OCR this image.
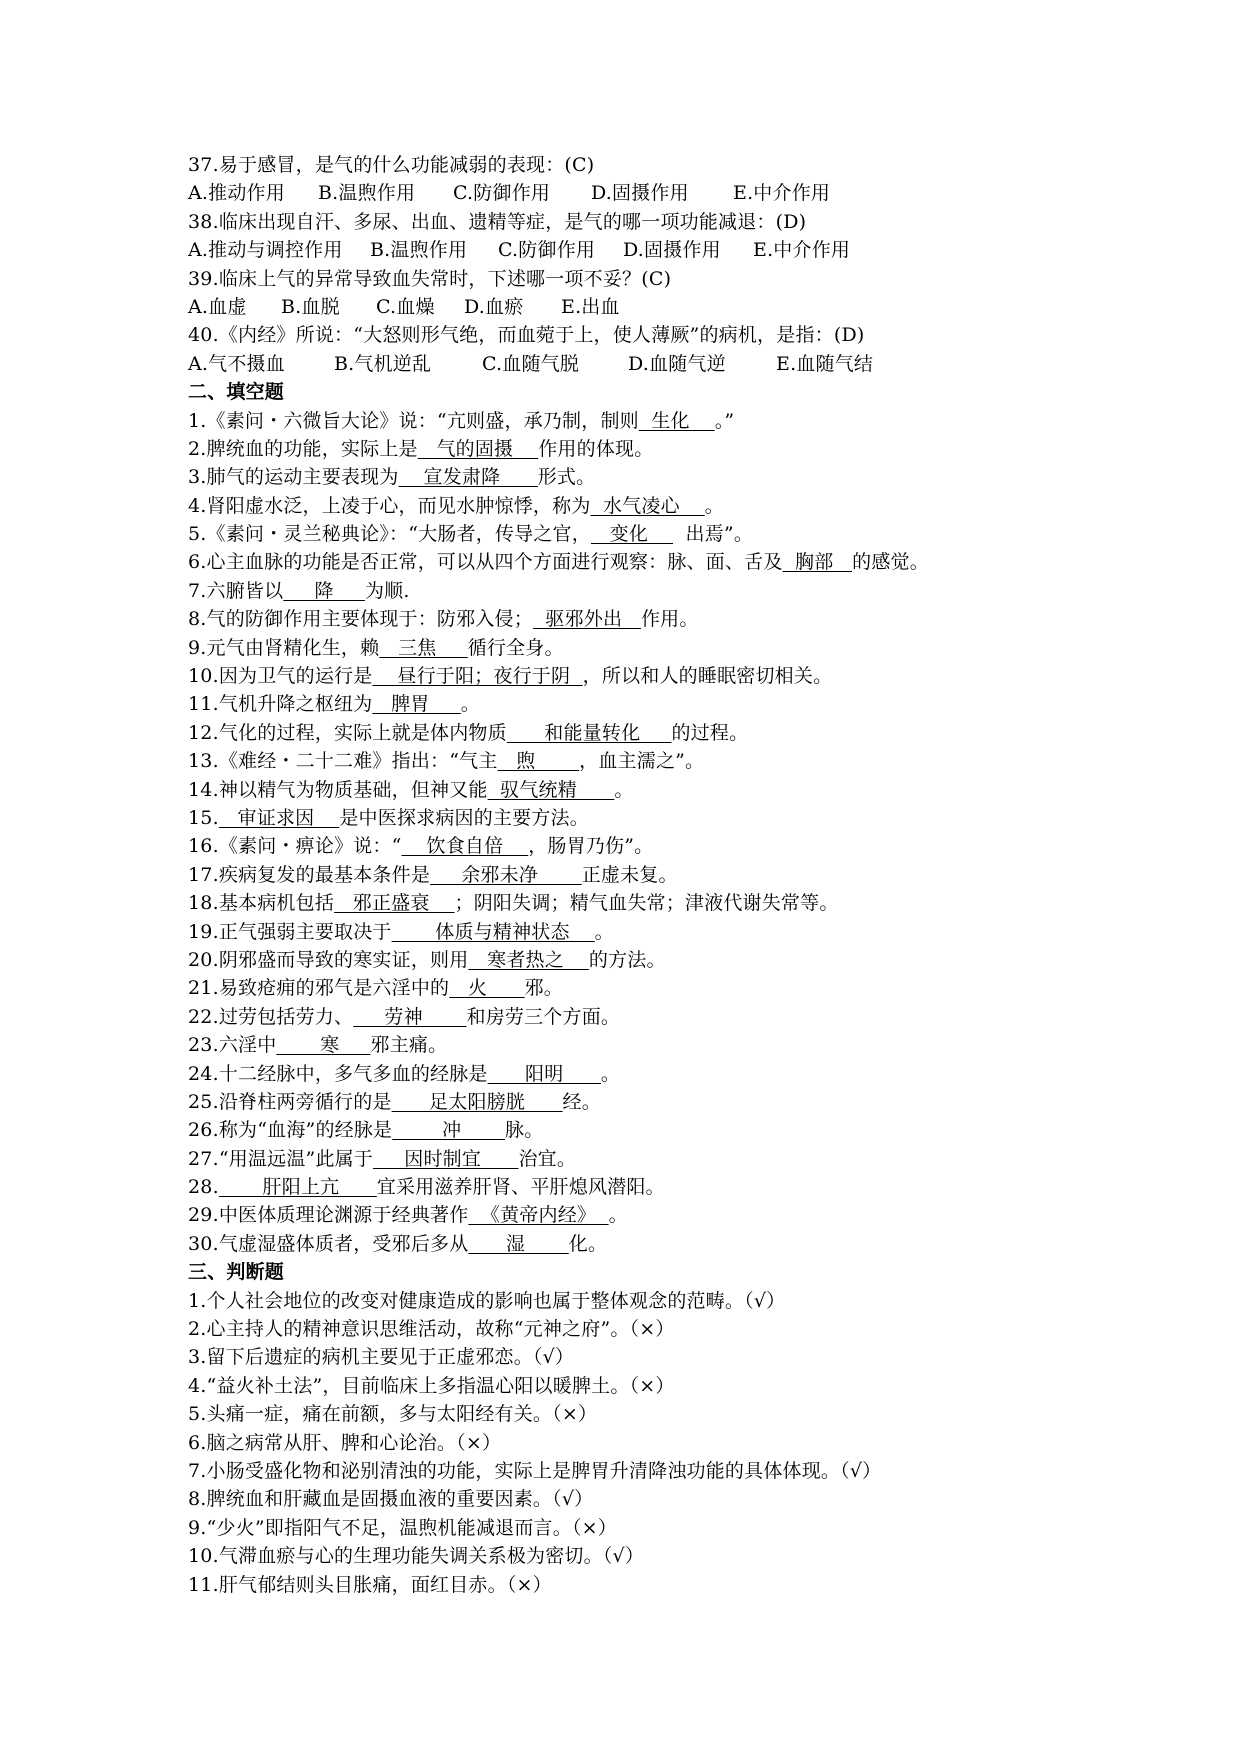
37.易于感冒，是气的什么功能减弱的表现：(C)
A.推动作用 B.温煦作用 C.防御作用 D.固摄作用 E.中介作用
38.临床出现自汗、多尿、出血、遗精等症，是气的哪一项功能减退：(D)
A.推动与调控作用 B.温煦作用 C.防御作用 D.固摄作用 E.中介作用
39.临床上气的异常导致血失常时，下述哪一项不妥？(C)
A.血虚 B.血脱 C.血燥 D.血瘀 E.出血
40.《内经》所说：“大怒则形气绝，而血菀于上，使人薄厥”的病机，是指：(D)
A.气不摄血	B.气机逆乱	C.血随气脱	D.血随气逆	E.血随气结
二、填空题
1.《素问・六微旨大论》说：“亢则盛，承乃制，制则  生化    。”
2.脾统血的功能，实际上是   气的固摄    作用的体现。
3.肺气的运动主要表现为    宣发肃降      形式。
4.肾阳虚水泛，上凌于心，而见水肿惊悸，称为  水气凌心    。
5.《素问・灵兰秘典论》：“大肠者，传导之官，   变化      出焉”。
6.心主血脉的功能是否正常，可以从四个方面进行观察：脉、面、舌及  胸部   的感觉。
7.六腑皆以     降     为顺.
8.气的防御作用主要体现于：防邪入侵；  驱邪外出   作用。
9.元气由肾精化生，赖   三焦     循行全身。
10.因为卫气的运行是    昼行于阳；夜行于阴  ，所以和人的睡眠密切相关。
11.气机升降之枢纽为   脾胃     。
12.气化的过程，实际上就是体内物质      和能量转化     的过程。
13.《难经・二十二难》指出：“气主   煦       ，血主濡之”。
14.神以精气为物质基础，但神又能  驭气统精      。
15.   审证求因    是中医探求病因的主要方法。
16.《素问・痹论》说：“    饮食自倍    ，肠胃乃伤”。
17.疾病复发的最基本条件是     余邪未净       正虚未复。
18.基本病机包括   邪正盛衰    ；阴阳失调；精气血失常；津液代谢失常等。
19.正气强弱主要取决于       体质与精神状态    。
20.阴邪盛而导致的寒实证，则用   寒者热之    的方法。
21.易致疮痈的邪气是六淫中的   火      邪。
22.过劳包括劳力、     劳神       和房劳三个方面。
23.六淫中       寒     邪主痛。
24.十二经脉中，多气多血的经脉是      阳明      。
25.沿脊柱两旁循行的是      足太阳膀胱      经。
26.称为“血海”的经脉是        冲       脉。
27.“用温远温”此属于     因时制宜      治宜。
28.       肝阳上亢      宜采用滋养肝肾、平肝熄风潜阳。
29.中医体质理论渊源于经典著作  《黄帝内经》  。
30.气虚湿盛体质者，受邪后多从      湿       化。
三、判断题
1.个人社会地位的改变对健康造成的影响也属于整体观念的范畴。（√）
2.心主持人的精神意识思维活动，故称“元神之府”。（×）
3.留下后遗症的病机主要见于正虚邪恋。（√）
4.“益火补土法”，目前临床上多指温心阳以暖脾土。（×）
5.头痛一症，痛在前额，多与太阳经有关。（×）
6.脑之病常从肝、脾和心论治。（×）
7.小肠受盛化物和泌别清浊的功能，实际上是脾胃升清降浊功能的具体体现。（√）
8.脾统血和肝藏血是固摄血液的重要因素。（√）
9.“少火”即指阳气不足，温煦机能减退而言。（×）
10.气滞血瘀与心的生理功能失调关系极为密切。（√）
11.肝气郁结则头目胀痛，面红目赤。（×）
